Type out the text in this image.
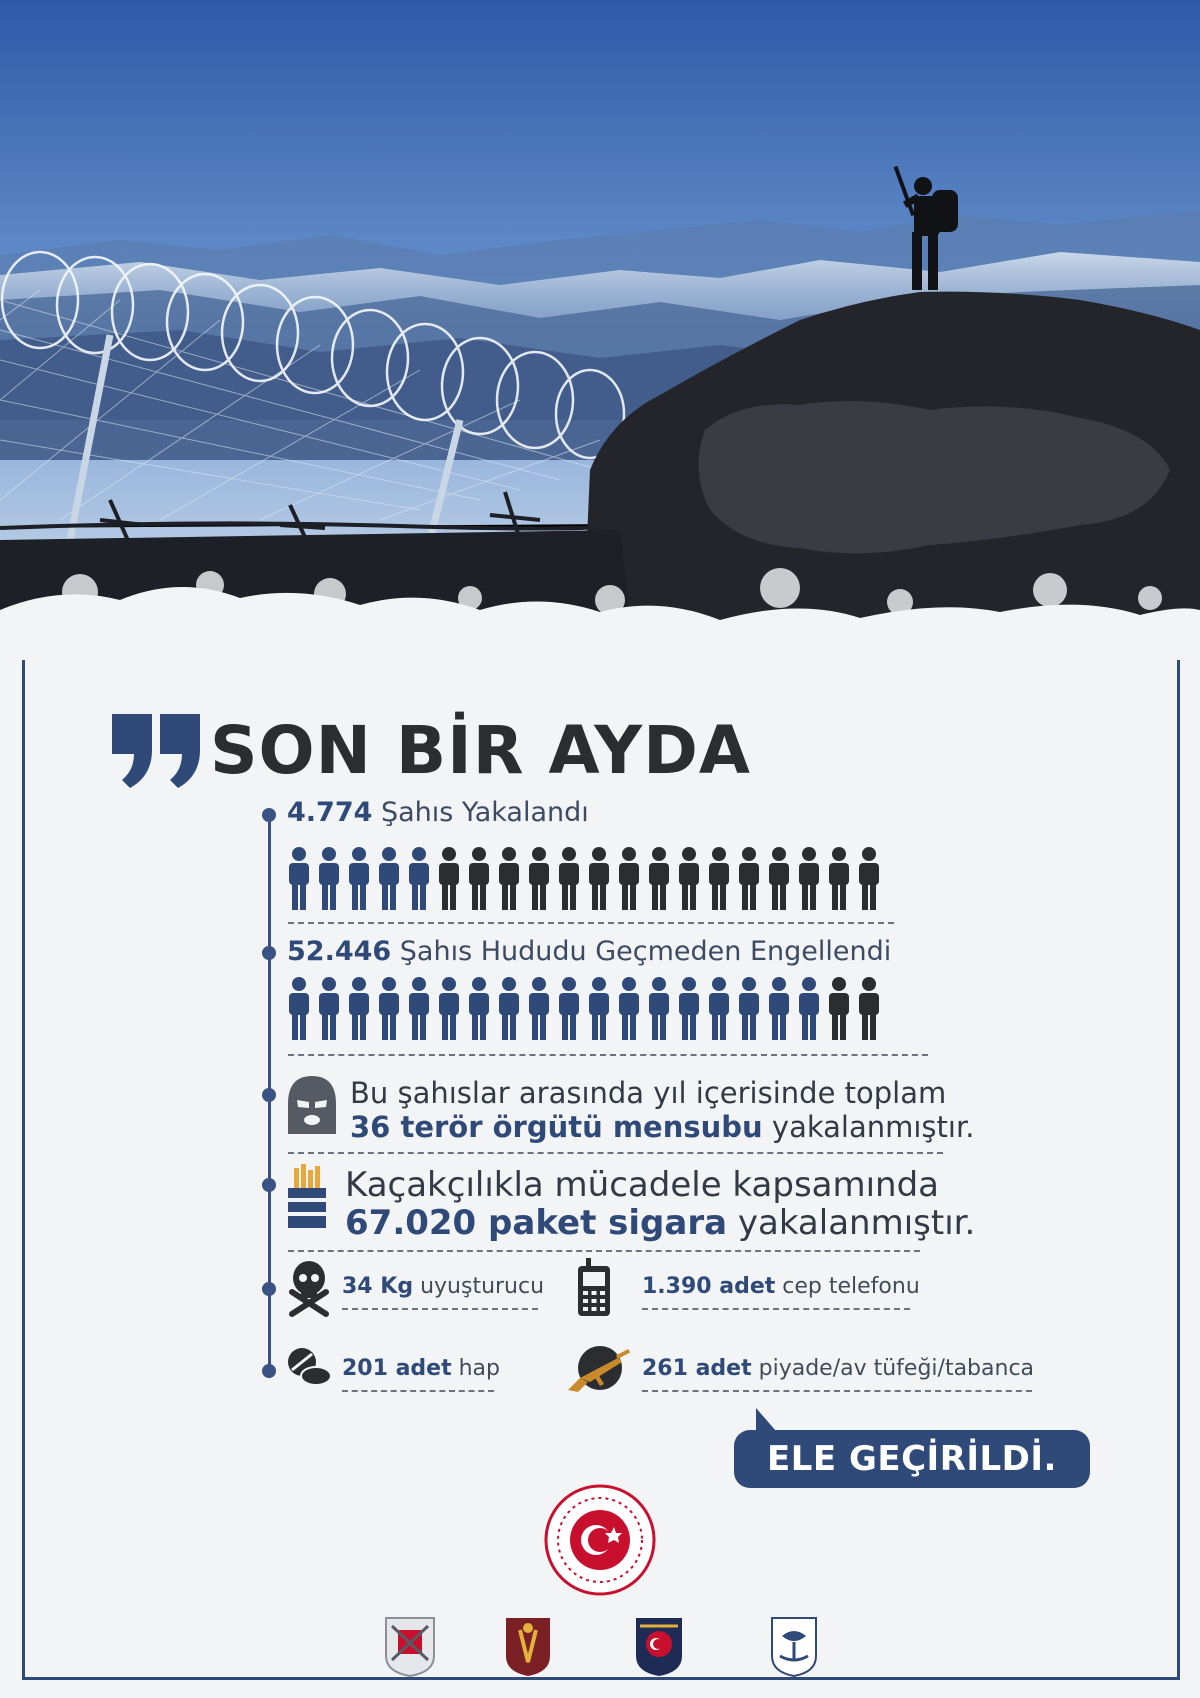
SON BİR AYDA
4.774 Şahıs Yakalandı
52.446 Şahıs Hududu Geçmeden Engellendi
Bu şahıslar arasında yıl içerisinde toplam
36 terör örgütü mensubu yakalanmıştır.
Kaçakçılıkla mücadele kapsamında
67.020 paket sigara yakalanmıştır.
34 Kg uyuşturucu	1.390 adet cep telefonu
201 adet hap	261 adet piyade/av tüfeği/tabanca
ELE GEÇİRİLDİ.
